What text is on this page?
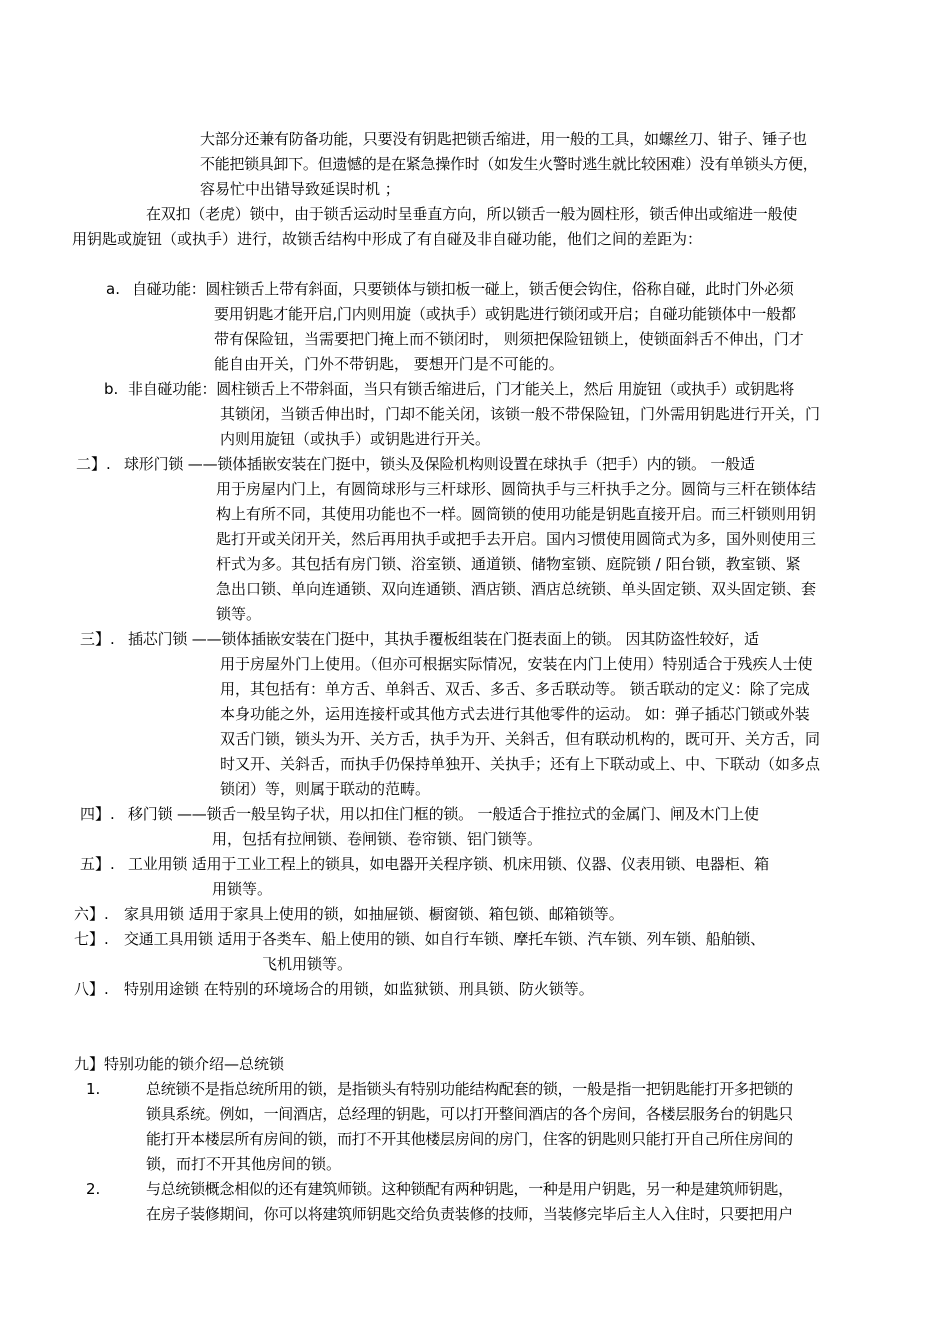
大部分还兼有防备功能，只要没有钥匙把锁舌缩进，用一般的工具，如螺丝刀、钳子、锤子也
不能把锁具卸下。但遗憾的是在紧急操作时（如发生火警时逃生就比较困难）没有单锁头方便，
容易忙中出错导致延误时机 ；
在双扣（老虎）锁中，由于锁舌运动时呈垂直方向，所以锁舌一般为圆柱形，锁舌伸出或缩进一般使
用钥匙或旋钮（或执手）进行，故锁舌结构中形成了有自碰及非自碰功能，他们之间的差距为：
a. 自碰功能：圆柱锁舌上带有斜面，只要锁体与锁扣板一碰上，锁舌便会钩住，俗称自碰，此时门外必须
要用钥匙才能开启,门内则用旋（或执手）或钥匙进行锁闭或开启；自碰功能锁体中一般都
带有保险钮，当需要把门掩上而不锁闭时， 则须把保险钮锁上，使锁面斜舌不伸出，门才
能自由开关，门外不带钥匙， 要想开门是不可能的。
b. 非自碰功能：圆柱锁舌上不带斜面，当只有锁舌缩进后，门才能关上，然后 用旋钮（或执手）或钥匙将
其锁闭，当锁舌伸出时，门却不能关闭，该锁一般不带保险钮，门外需用钥匙进行开关，门
内则用旋钮（或执手）或钥匙进行开关。
二】. 球形门锁 ——锁体插嵌安装在门挺中，锁头及保险机构则设置在球执手（把手）内的锁。 一般适
用于房屋内门上，有圆筒球形与三杆球形、圆筒执手与三杆执手之分。圆筒与三杆在锁体结
构上有所不同，其使用功能也不一样。圆筒锁的使用功能是钥匙直接开启。而三杆锁则用钥
匙打开或关闭开关，然后再用执手或把手去开启。国内习惯使用圆筒式为多，国外则使用三
杆式为多。其包括有房门锁、浴室锁、通道锁、储物室锁、庭院锁 / 阳台锁，教室锁、紧
急出口锁、单向连通锁、双向连通锁、酒店锁、酒店总统锁、单头固定锁、双头固定锁、套
锁等。
三】. 插芯门锁 ——锁体插嵌安装在门挺中，其执手覆板组装在门挺表面上的锁。 因其防盗性较好，适
用于房屋外门上使用。（但亦可根据实际情况，安装在内门上使用）特别适合于残疾人士使
用，其包括有：单方舌、单斜舌、双舌、多舌、多舌联动等。 锁舌联动的定义：除了完成
本身功能之外，运用连接杆或其他方式去进行其他零件的运动。 如：弹子插芯门锁或外装
双舌门锁，锁头为开、关方舌，执手为开、关斜舌，但有联动机构的，既可开、关方舌，同
时又开、关斜舌，而执手仍保持单独开、关执手；还有上下联动或上、中、下联动（如多点
锁闭）等，则属于联动的范畴。
四】. 移门锁 ——锁舌一般呈钩子状，用以扣住门框的锁。 一般适合于推拉式的金属门、闸及木门上使
用，包括有拉闸锁、卷闸锁、卷帘锁、铝门锁等。
五】. 工业用锁 适用于工业工程上的锁具，如电器开关程序锁、机床用锁、仪器、仪表用锁、电器柜、箱
用锁等。
六】. 家具用锁 适用于家具上使用的锁，如抽屉锁、橱窗锁、箱包锁、邮箱锁等。
七】. 交通工具用锁 适用于各类车、船上使用的锁、如自行车锁、摩托车锁、汽车锁、列车锁、船舶锁、
飞机用锁等。
八】. 特别用途锁 在特别的环境场合的用锁，如监狱锁、刑具锁、防火锁等。
九】特别功能的锁介绍—总统锁
1.	总统锁不是指总统所用的锁，是指锁头有特别功能结构配套的锁，一般是指一把钥匙能打开多把锁的
锁具系统。例如，一间酒店，总经理的钥匙，可以打开整间酒店的各个房间，各楼层服务台的钥匙只
能打开本楼层所有房间的锁，而打不开其他楼层房间的房门，住客的钥匙则只能打开自己所住房间的
锁，而打不开其他房间的锁。
2.	与总统锁概念相似的还有建筑师锁。这种锁配有两种钥匙，一种是用户钥匙，另一种是建筑师钥匙，
在房子装修期间，你可以将建筑师钥匙交给负责装修的技师，当装修完毕后主人入住时，只要把用户
